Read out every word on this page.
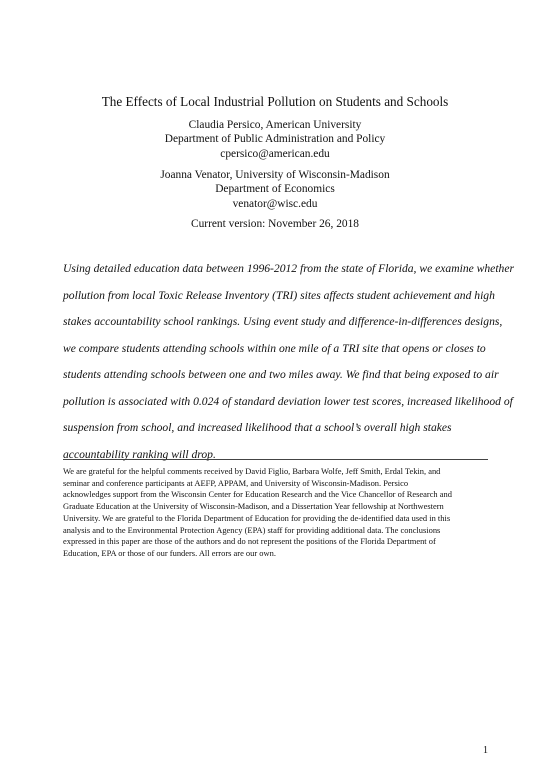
The Effects of Local Industrial Pollution on Students and Schools
Claudia Persico, American University
Department of Public Administration and Policy
cpersico@american.edu
Joanna Venator, University of Wisconsin-Madison
Department of Economics
venator@wisc.edu
Current version: November 26, 2018
Using detailed education data between 1996-2012 from the state of Florida, we examine whether
pollution from local Toxic Release Inventory (TRI) sites affects student achievement and high
stakes accountability school rankings. Using event study and difference-in-differences designs,
we compare students attending schools within one mile of a TRI site that opens or closes to
students attending schools between one and two miles away. We find that being exposed to air
pollution is associated with 0.024 of standard deviation lower test scores, increased likelihood of
suspension from school, and increased likelihood that a school’s overall high stakes
accountability ranking will drop.
We are grateful for the helpful comments received by David Figlio, Barbara Wolfe, Jeff Smith, Erdal Tekin, and
seminar and conference participants at AEFP, APPAM, and University of Wisconsin-Madison. Persico
acknowledges support from the Wisconsin Center for Education Research and the Vice Chancellor of Research and
Graduate Education at the University of Wisconsin-Madison, and a Dissertation Year fellowship at Northwestern
University. We are grateful to the Florida Department of Education for providing the de-identified data used in this
analysis and to the Environmental Protection Agency (EPA) staff for providing additional data. The conclusions
expressed in this paper are those of the authors and do not represent the positions of the Florida Department of
Education, EPA or those of our funders. All errors are our own.
1
